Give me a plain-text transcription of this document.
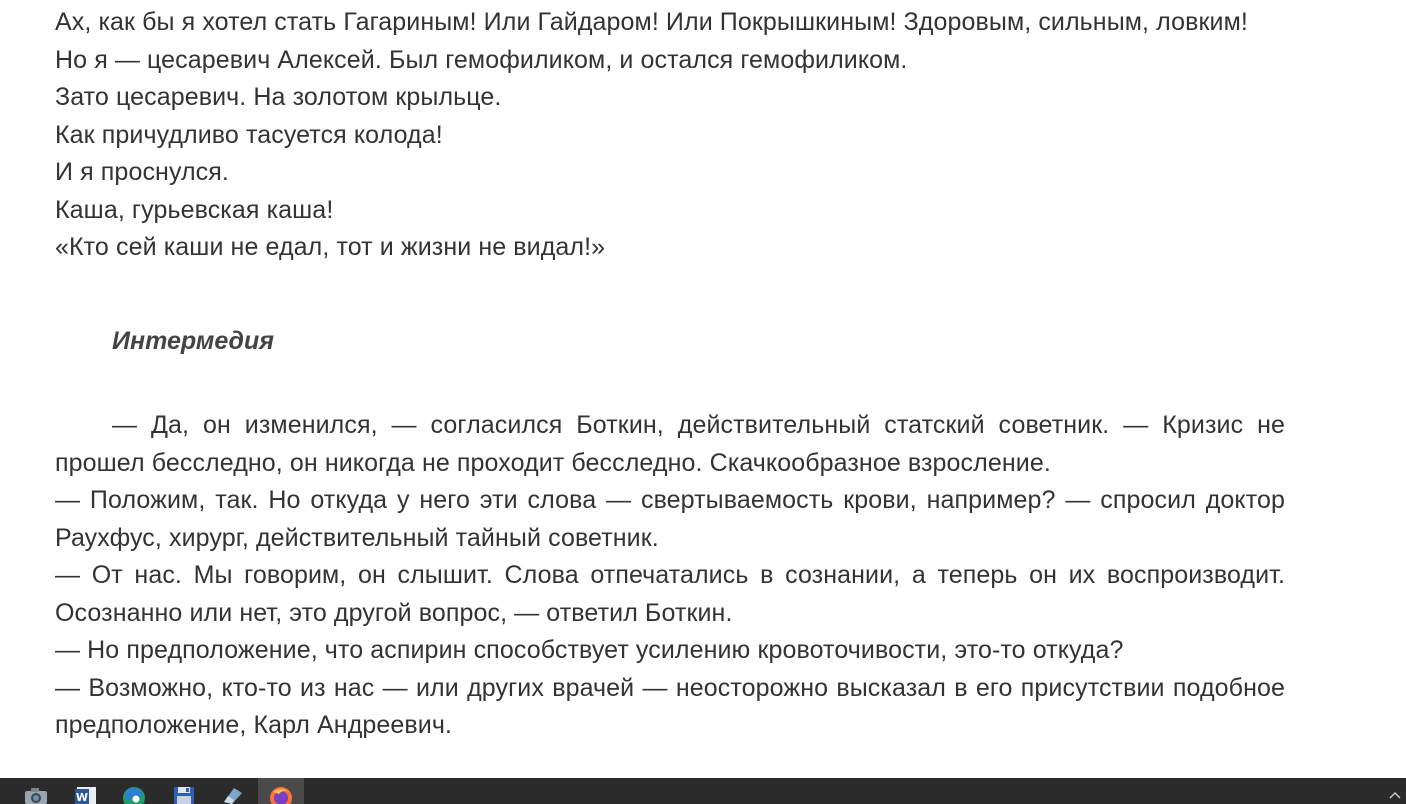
Ах, как бы я хотел стать Гагариным! Или Гайдаром! Или Покрышкиным! Здоровым, сильным, ловким!

Но я — цесаревич Алексей. Был гемофиликом, и остался гемофиликом.

Зато цесаревич. На золотом крыльце.

Как причудливо тасуется колода!

И я проснулся.

Каша, гурьевская каша!

«Кто сей каши не едал, тот и жизни не видал!»

Интермедия

— Да, он изменился, — согласился Боткин, действительный статский советник. — Кризис не прошел бесследно, он никогда не проходит бесследно. Скачкообразное взросление.

— Положим, так. Но откуда у него эти слова — свертываемость крови, например? — спросил доктор Раухфус, хирург, действительный тайный советник.

— От нас. Мы говорим, он слышит. Слова отпечатались в сознании, а теперь он их воспроизводит. Осознанно или нет, это другой вопрос, — ответил Боткин.

— Но предположение, что аспирин способствует усилению кровоточивости, это-то откуда?

— Возможно, кто-то из нас — или других врачей — неосторожно высказал в его присутствии подобное предположение, Карл Андреевич.

W
